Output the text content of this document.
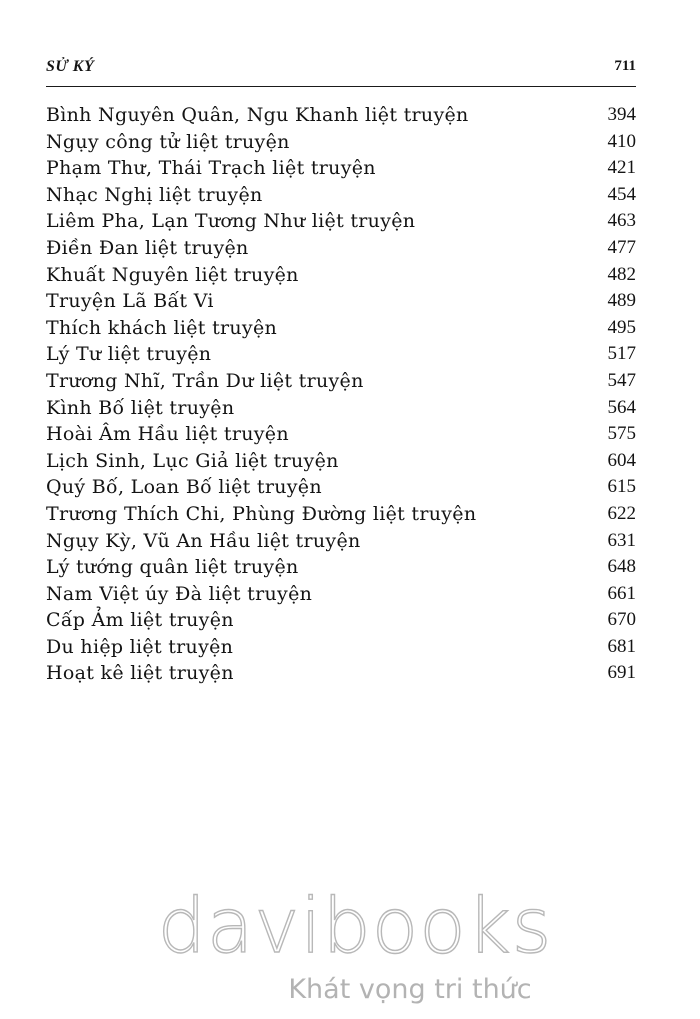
SỬ KÝ	711
Bình Nguyên Quân, Ngu Khanh liệt truyện	394
Ngụy công tử liệt truyện	410
Phạm Thư, Thái Trạch liệt truyện	421
Nhạc Nghị liệt truyện	454
Liêm Pha, Lạn Tương Như liệt truyện	463
Điền Đan liệt truyện	477
Khuất Nguyên liệt truyện	482
Truyện Lã Bất Vi	489
Thích khách liệt truyện	495
Lý Tư liệt truyện	517
Trương Nhĩ, Trần Dư liệt truyện	547
Kình Bố liệt truyện	564
Hoài Âm Hầu liệt truyện	575
Lịch Sinh, Lục Giả liệt truyện	604
Quý Bố, Loan Bố liệt truyện	615
Trương Thích Chi, Phùng Đường liệt truyện	622
Ngụy Kỳ, Vũ An Hầu liệt truyện	631
Lý tướng quân liệt truyện	648
Nam Việt úy Đà liệt truyện	661
Cấp Ảm liệt truyện	670
Du hiệp liệt truyện	681
Hoạt kê liệt truyện	691
davibooks
Khát vọng tri thức
